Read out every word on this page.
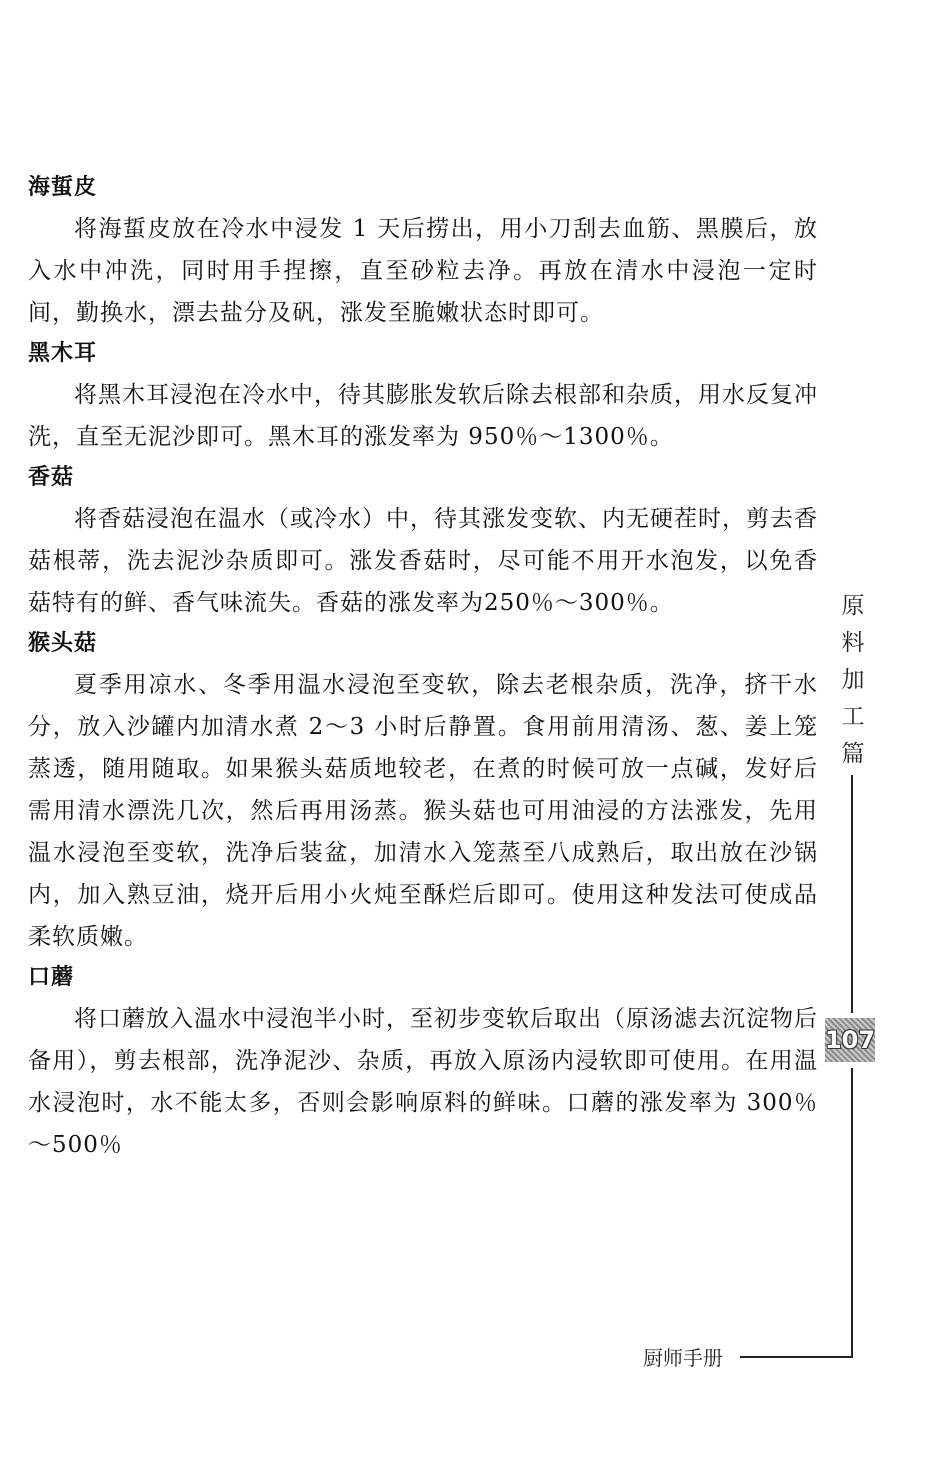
海蜇皮

将海蜇皮放在冷水中浸发 1 天后捞出，用小刀刮去血筋、黑膜后，放入水中冲洗，同时用手捏擦，直至砂粒去净。再放在清水中浸泡一定时间，勤换水，漂去盐分及矾，涨发至脆嫩状态时即可。

黑木耳

将黑木耳浸泡在冷水中，待其膨胀发软后除去根部和杂质，用水反复冲洗，直至无泥沙即可。黑木耳的涨发率为 950％～1300％。

香菇

将香菇浸泡在温水（或冷水）中，待其涨发变软、内无硬茬时，剪去香菇根蒂，洗去泥沙杂质即可。涨发香菇时，尽可能不用开水泡发，以免香菇特有的鲜、香气味流失。香菇的涨发率为250％～300％。

猴头菇

夏季用凉水、冬季用温水浸泡至变软，除去老根杂质，洗净，挤干水分，放入沙罐内加清水煮 2～3 小时后静置。食用前用清汤、葱、姜上笼蒸透，随用随取。如果猴头菇质地较老，在煮的时候可放一点碱，发好后需用清水漂洗几次，然后再用汤蒸。猴头菇也可用油浸的方法涨发，先用温水浸泡至变软，洗净后装盆，加清水入笼蒸至八成熟后，取出放在沙锅内，加入熟豆油，烧开后用小火炖至酥烂后即可。使用这种发法可使成品柔软质嫩。

口蘑

将口蘑放入温水中浸泡半小时，至初步变软后取出（原汤滤去沉淀物后备用），剪去根部，洗净泥沙、杂质，再放入原汤内浸软即可使用。在用温水浸泡时，水不能太多，否则会影响原料的鲜味。口蘑的涨发率为 300％～500％

原
料
加
工
篇
107
厨师手册
